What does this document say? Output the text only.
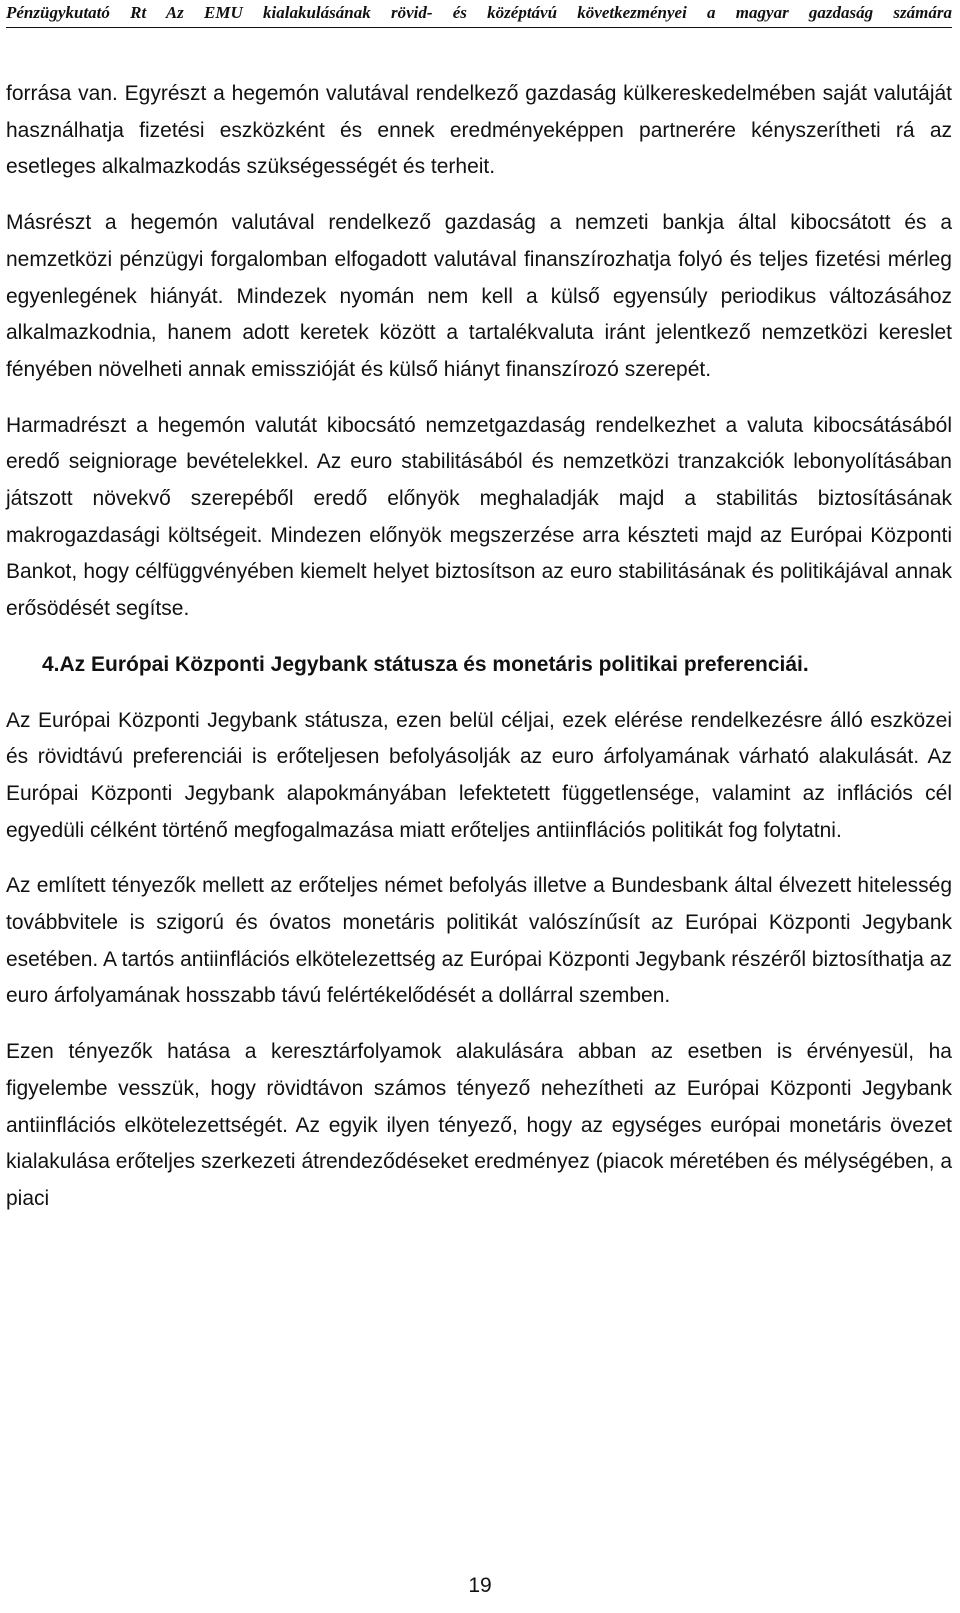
Pénzügykutató Rt Az EMU kialakulásának rövid- és középtávú következményei a magyar gazdaság számára

forrása van. Egyrészt a hegemón valutával rendelkező gazdaság külkereskedelmében saját valutáját használhatja fizetési eszközként és ennek eredményeképpen partnerére kényszerítheti rá az esetleges alkalmazkodás szükségességét és terheit.

Másrészt a hegemón valutával rendelkező gazdaság a nemzeti bankja által kibocsátott és a nemzetközi pénzügyi forgalomban elfogadott valutával finanszírozhatja folyó és teljes fizetési mérleg egyenlegének hiányát. Mindezek nyomán nem kell a külső egyensúly periodikus változásához alkalmazkodnia, hanem adott keretek között a tartalékvaluta iránt jelentkező nemzetközi kereslet fényében növelheti annak emisszióját és külső hiányt finanszírozó szerepét.

Harmadrészt a hegemón valutát kibocsátó nemzetgazdaság rendelkezhet a valuta kibocsátásából eredő seigniorage bevételekkel. Az euro stabilitásából és nemzetközi tranzakciók lebonyolításában játszott növekvő szerepéből eredő előnyök meghaladják majd a stabilitás biztosításának makrogazdasági költségeit. Mindezen előnyök megszerzése arra készteti majd az Európai Központi Bankot, hogy célfüggvényében kiemelt helyet biztosítson az euro stabilitásának és politikájával annak erősödését segítse.

4.Az Európai Központi Jegybank státusza és monetáris politikai preferenciái.

Az Európai Központi Jegybank státusza, ezen belül céljai, ezek elérése rendelkezésre álló eszközei és rövidtávú preferenciái is erőteljesen befolyásolják az euro árfolyamának várható alakulását. Az Európai Központi Jegybank alapokmányában lefektetett függetlensége, valamint az inflációs cél egyedüli célként történő megfogalmazása miatt erőteljes antiinflációs politikát fog folytatni.

Az említett tényezők mellett az erőteljes német befolyás illetve a Bundesbank által élvezett hitelesség továbbvitele is szigorú és óvatos monetáris politikát valószínűsít az Európai Központi Jegybank esetében. A tartós antiinflációs elkötelezettség az Európai Központi Jegybank részéről biztosíthatja az euro árfolyamának hosszabb távú felértékelődését a dollárral szemben.

Ezen tényezők hatása a keresztárfolyamok alakulására abban az esetben is érvényesül, ha figyelembe vesszük, hogy rövidtávon számos tényező nehezítheti az Európai Központi Jegybank antiinflációs elkötelezettségét. Az egyik ilyen tényező, hogy az egységes európai monetáris övezet kialakulása erőteljes szerkezeti átrendeződéseket eredményez (piacok méretében és mélységében, a piaci

19
